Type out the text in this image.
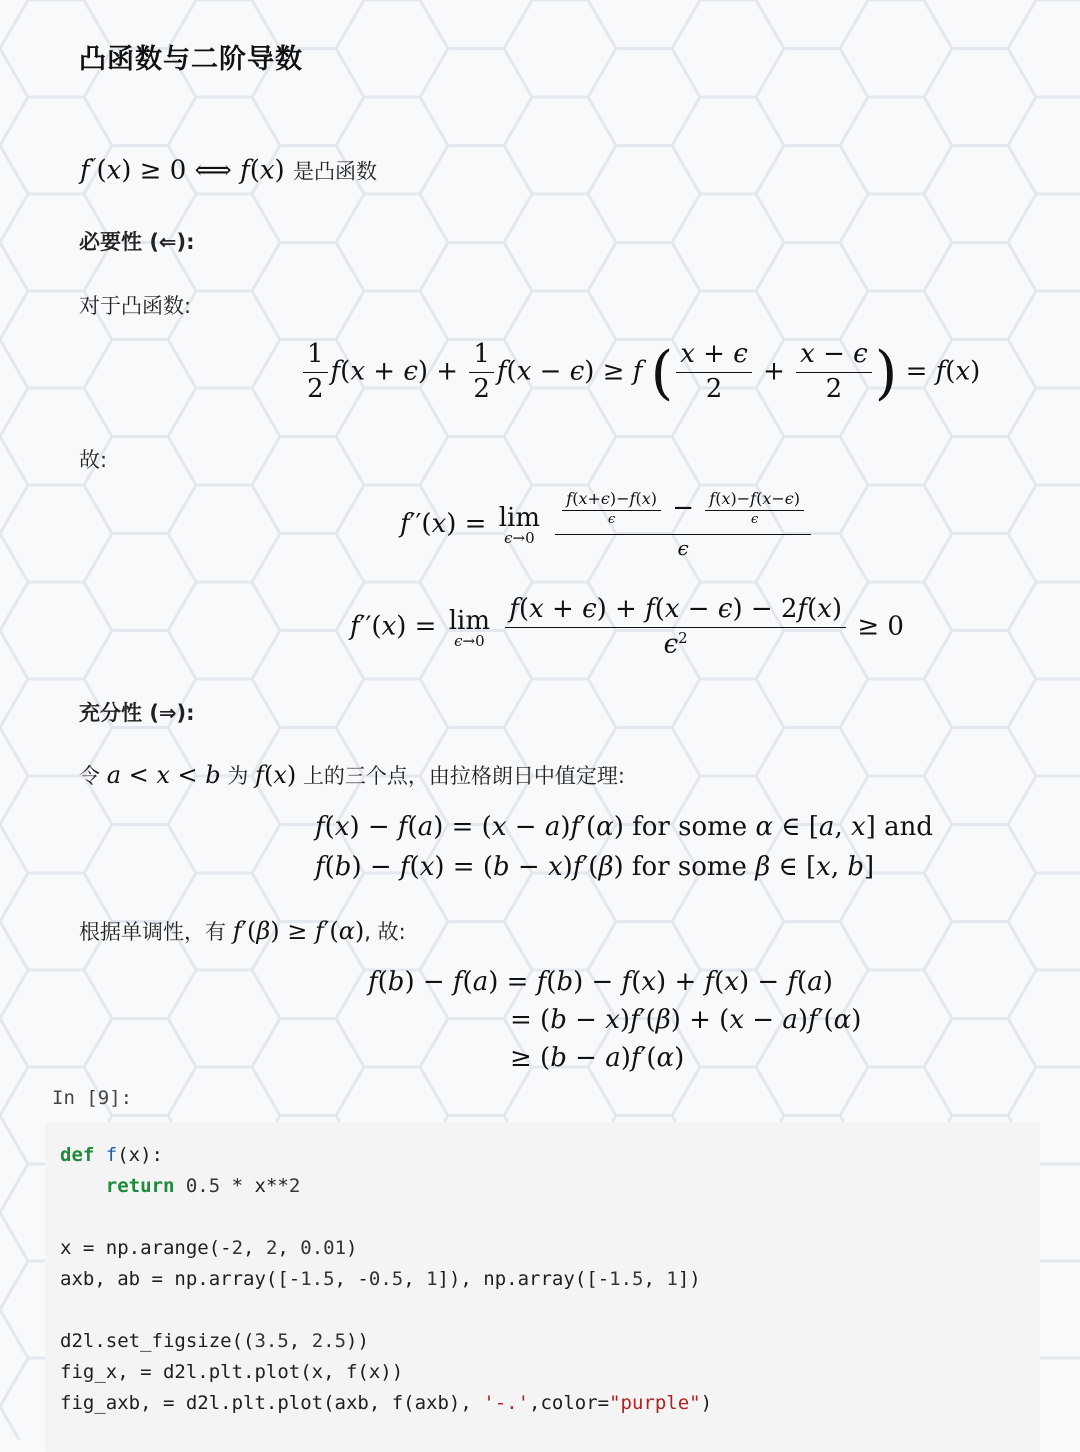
凸函数与二阶导数
f′′(x) ≥ 0 ⟺ f(x) 是凸函数
必要性 (⇐):
对于凸函数:
$\frac{1}{2} f(x + \epsilon) + \frac{1}{2} f(x - \epsilon) \ge f$ ( $\frac{x + \epsilon}{2} + \frac{x - \epsilon}{2}$ ) = f(x)
故:
f′′(x) = lim
ϵ→0
$\frac{\frac{f(x+\epsilon)-f(x)}{\epsilon} - \frac{f(x)-f(x-\epsilon)}{\epsilon}}{\epsilon}$
f′′(x) = lim
ϵ→0
$\frac{f(x + \epsilon) + f(x - \epsilon) - 2f(x)}{\epsilon^2} \ge 0$
充分性 (⇒):
令 a < x < b 为 f(x) 上的三个点，由拉格朗日中值定理:
f(x) − f(a) = (x − a)f′(α) for some α ∈ [a, x] and
f(b) − f(x) = (b − x)f′(β) for some β ∈ [x, b]
根据单调性，有 f′(β) ≥ f′(α), 故:
f(b) − f(a) = f(b) − f(x) + f(x) − f(a)
= (b − x)f′(β) + (x − a)f′(α)
≥ (b − a)f′(α)
In [9]:
def f(x):
return 0.5 * x**2

x = np.arange(-2, 2, 0.01)
axb, ab = np.array([-1.5, -0.5, 1]), np.array([-1.5, 1])

d2l.set_figsize((3.5, 2.5))
fig_x, = d2l.plt.plot(x, f(x))
fig_axb, = d2l.plt.plot(axb, f(axb), '-.',color="purple")
